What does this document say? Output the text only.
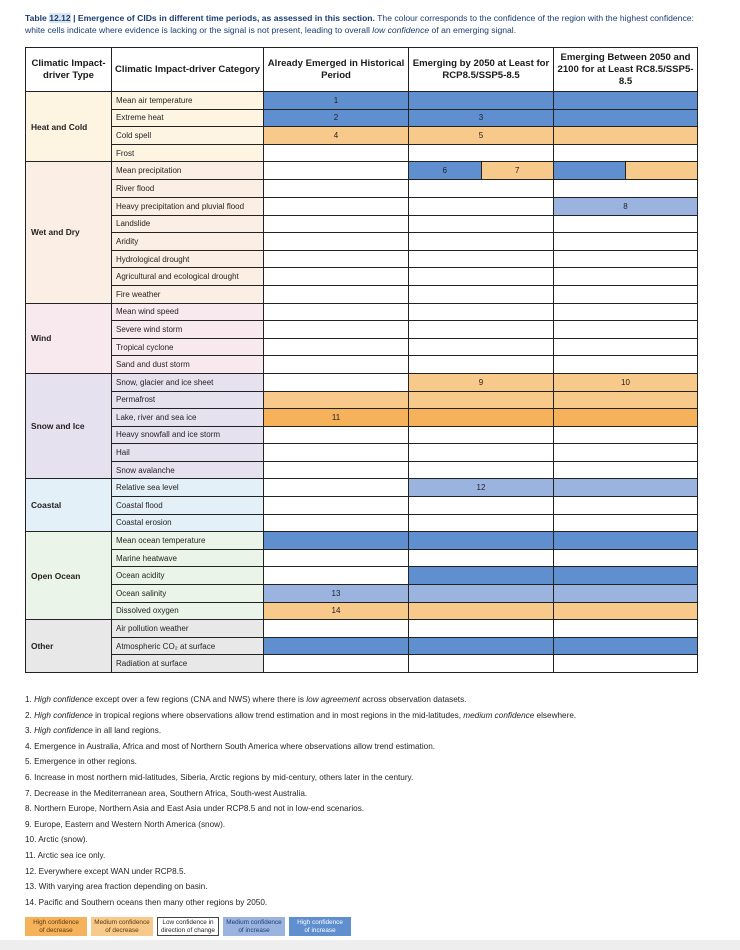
Table 12.12 | Emergence of CIDs in different time periods, as assessed in this section. The colour corresponds to the confidence of the region with the highest confidence: white cells indicate where evidence is lacking or the signal is not present, leading to overall low confidence of an emerging signal.
Climatic Impact-driver Type	Climatic Impact-driver Category	Already Emerged in Historical Period	Emerging by 2050 at Least for RCP8.5/SSP5-8.5	Emerging Between 2050 and 2100 for at Least RC8.5/SSP5-8.5
Heat and Cold	Mean air temperature	1		
	Extreme heat	2	3	
	Cold spell	4	5	
	Frost			
Wet and Dry	Mean precipitation		6 7	

	River flood			
	Heavy precipitation and pluvial flood			8
	Landslide			
	Aridity			
	Hydrological drought			
	Agricultural and ecological drought			
	Fire weather			
Wind	Mean wind speed			
	Severe wind storm			
	Tropical cyclone			
	Sand and dust storm			
Snow and Ice	Snow, glacier and ice sheet		9	10
	Permafrost			
	Lake, river and sea ice	11		
	Heavy snowfall and ice storm			
	Hail			
	Snow avalanche			
Coastal	Relative sea level		12	
	Coastal flood			
	Coastal erosion			
Open Ocean	Mean ocean temperature			
	Marine heatwave			
	Ocean acidity			
	Ocean salinity	13		
	Dissolved oxygen	14		
Other	Air pollution weather			
	Atmospheric CO₂ at surface			
	Radiation at surface			
1. High confidence except over a few regions (CNA and NWS) where there is low agreement across observation datasets.
2. High confidence in tropical regions where observations allow trend estimation and in most regions in the mid-latitudes, medium confidence elsewhere.
3. High confidence in all land regions.
4. Emergence in Australia, Africa and most of Northern South America where observations allow trend estimation.
5. Emergence in other regions.
6. Increase in most northern mid-latitudes, Siberia, Arctic regions by mid-century, others later in the century.
7. Decrease in the Mediterranean area, Southern Africa, South-west Australia.
8. Northern Europe, Northern Asia and East Asia under RCP8.5 and not in low-end scenarios.
9. Europe, Eastern and Western North America (snow).
10. Arctic (snow).
11. Arctic sea ice only.
12. Everywhere except WAN under RCP8.5.
13. With varying area fraction depending on basin.
14. Pacific and Southern oceans then many other regions by 2050.
High confidence
of decrease
Medium confidence
of decrease
Low confidence in
direction of change
Medium confidence
of increase
High confidence
of increase
